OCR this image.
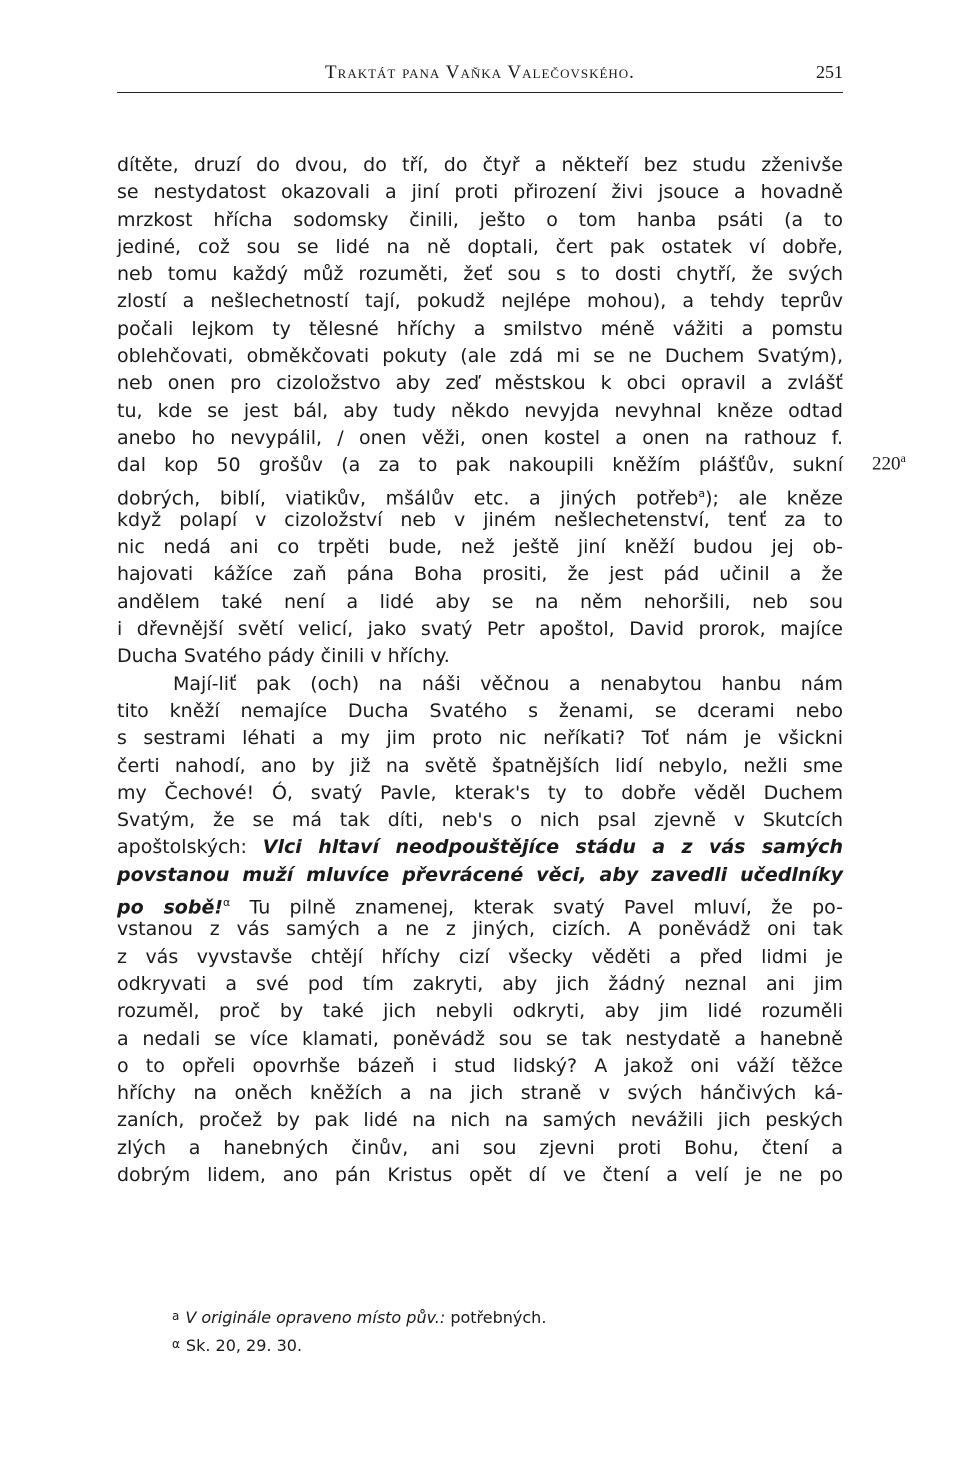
Traktát pana Vaňka Valečovského.	251
220$^a$
dítěte, druzí do dvou, do tří, do čtyř a někteří bez studu zženivše
se nestydatost okazovali a jiní proti přirození živi jsouce a hovadně
mrzkost hřícha sodomsky činili, ješto o tom hanba psáti (a to
jediné, což sou se lidé na ně doptali, čert pak ostatek ví dobře,
neb tomu každý můž rozuměti, žeť sou s to dosti chytří, že svých
zlostí a nešlechetností tají, pokudž nejlépe mohou), a tehdy teprův
počali lejkom ty tělesné hříchy a smilstvo méně vážiti a pomstu
oblehčovati, obměkčovati pokuty (ale zdá mi se ne Duchem Svatým),
neb onen pro cizoložstvo aby zeď městskou k obci opravil a zvlášť
tu, kde se jest bál, aby tudy někdo nevyjda nevyhnal kněze odtad
anebo ho nevypálil, / onen věži, onen kostel a onen na rathouz f.
dal kop 50 grošův (a za to pak nakoupili kněžím plášťův, sukní
dobrých, biblí, viatikův, mšálův etc. a jiných potřeb$^a$); ale kněze
když polapí v cizoložství neb v jiném nešlechetenství, tenť za to
nic nedá ani co trpěti bude, než ještě jiní kněží budou jej ob-
hajovati kážíce zaň pána Boha prositi, že jest pád učinil a že
andělem také není a lidé aby se na něm nehoršili, neb sou
i dřevnější světí velicí, jako svatý Petr apoštol, David prorok, majíce
Ducha Svatého pády činili v hříchy.
Mají-liť pak (och) na náši věčnou a nenabytou hanbu nám
tito kněží nemajíce Ducha Svatého s ženami, se dcerami nebo
s sestrami léhati a my jim proto nic neříkati? Toť nám je všickni
čerti nahodí, ano by již na světě špatnějších lidí nebylo, nežli sme
my Čechové! Ó, svatý Pavle, kterak's ty to dobře věděl Duchem
Svatým, že se má tak díti, neb's o nich psal zjevně v Skutcích
apoštolských: Vlci hltaví neodpouštějíce stádu a z vás samých
povstanou muží mluvíce převrácené věci, aby zavedli učedlníky
po sobě!$^\alpha$ Tu pilně znamenej, kterak svatý Pavel mluví, že po-
vstanou z vás samých a ne z jiných, cizích. A poněvádž oni tak
z vás vyvstavše chtějí hříchy cizí všecky věděti a před lidmi je
odkryvati a své pod tím zakryti, aby jich žádný neznal ani jim
rozuměl, proč by také jich nebyli odkryti, aby jim lidé rozuměli
a nedali se více klamati, poněvádž sou se tak nestydatě a hanebně
o to opřeli opovrhše bázeň i stud lidský? A jakož oni váží těžce
hříchy na oněch kněžích a na jich straně v svých hánčivých ká-
zaních, pročež by pak lidé na nich na samých nevážili jich peských
zlých a hanebných činův, ani sou zjevni proti Bohu, čtení a
dobrým lidem, ano pán Kristus opět dí ve čtení a velí je ne po
a V originále opraveno místo pův.: potřebných.
α Sk. 20, 29. 30.
